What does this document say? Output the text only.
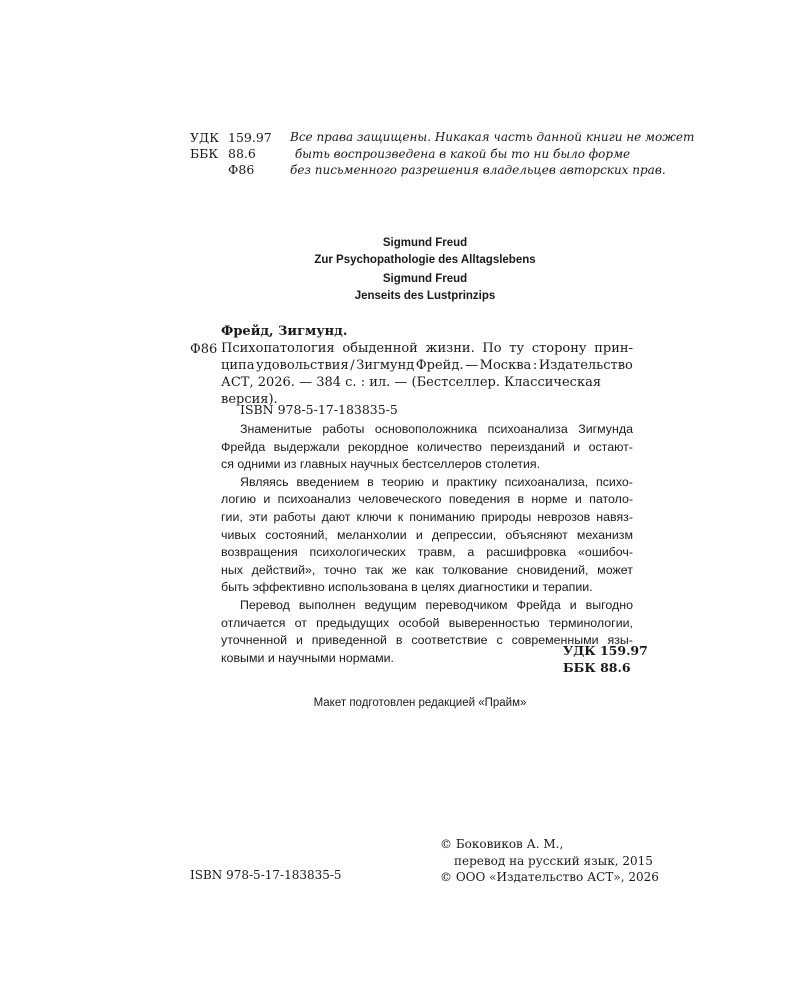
УДК 159.97
ББК 88.6
Ф86
Все права защищены. Никакая часть данной книги не может
быть воспроизведена в какой бы то ни было форме
без письменного разрешения владельцев авторских прав.
Sigmund Freud
Zur Psychopathologie des Alltagslebens
Sigmund Freud
Jenseits des Lustprinzips
Фрейд, Зигмунд.
Ф86 Психопатология обыденной жизни. По ту сторону прин-
ципа удовольствия / Зигмунд Фрейд. — Москва : Издательство
АСТ, 2026. — 384 с. : ил. — (Бестселлер. Классическая версия).
ISBN 978-5-17-183835-5
Знаменитые работы основоположника психоанализа Зигмунда
Фрейда выдержали рекордное количество переизданий и остают-
ся одними из главных научных бестселлеров столетия.
Являясь введением в теорию и практику психоанализа, психо-
логию и психоанализ человеческого поведения в норме и патоло-
гии, эти работы дают ключи к пониманию природы неврозов навяз-
чивых состояний, меланхолии и депрессии, объясняют механизм
возвращения психологических травм, а расшифровка «ошибоч-
ных действий», точно так же как толкование сновидений, может
быть эффективно использована в целях диагностики и терапии.
Перевод выполнен ведущим переводчиком Фрейда и выгодно
отличается от предыдущих особой выверенностью терминологии,
уточненной и приведенной в соответствие с современными язы-
ковыми и научными нормами.	УДК 159.97
ББК 88.6
Макет подготовлен редакцией «Прайм»
© Боковиков А. М.,
перевод на русский язык, 2015
© ООО «Издательство АСТ», 2026
ISBN 978-5-17-183835-5
